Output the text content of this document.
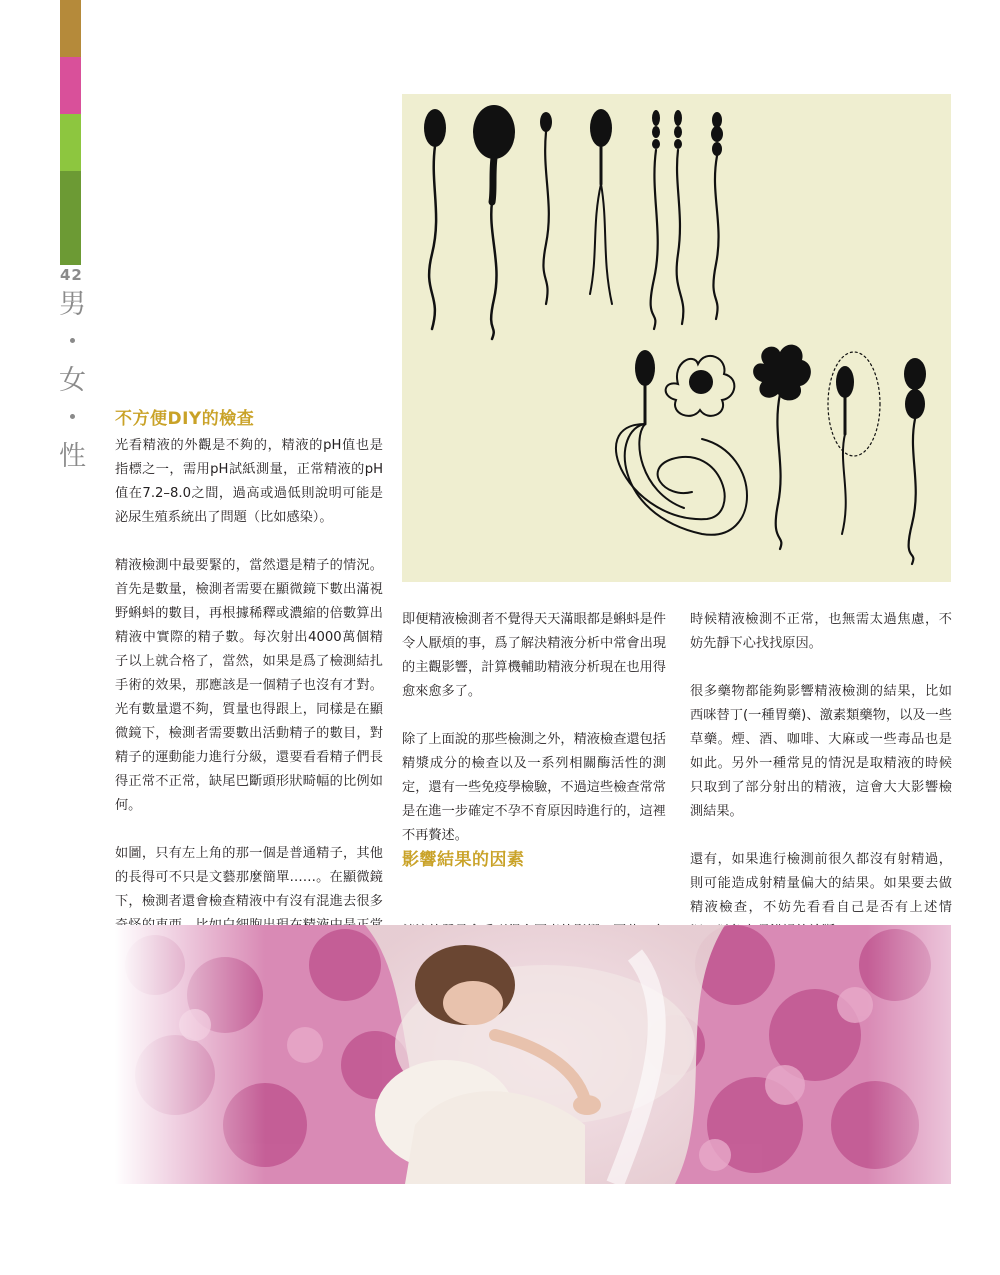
42
男
・
女
・
性
不方便DIY的檢查
影響結果的因素

光看精液的外觀是不夠的，精液的pH值也是指標之一，需用pH試紙測量，正常精液的pH值在7.2–8.0之間，過高或過低則說明可能是泌尿生殖系統出了問題（比如感染）。

精液檢測中最要緊的，當然還是精子的情況。首先是數量，檢測者需要在顯微鏡下數出滿視野蝌蚪的數目，再根據稀釋或濃縮的倍數算出精液中實際的精子數。每次射出4000萬個精子以上就合格了，當然，如果是爲了檢測結扎手術的效果，那應該是一個精子也沒有才對。光有數量還不夠，質量也得跟上，同樣是在顯微鏡下，檢測者需要數出活動精子的數目，對精子的運動能力進行分級，還要看看精子們長得正常不正常，缺尾巴斷頭形狀畸幅的比例如何。

如圖，只有左上角的那一個是普通精子，其他的長得可不只是文藝那麼簡單……。在顯微鏡下，檢測者還會檢查精液中有沒有混進去很多

即便精液檢測者不覺得天天滿眼都是蝌蚪是件令人厭煩的事，爲了解決精液分析中常會出現的主觀影響，計算機輔助精液分析現在也用得愈來愈多了。

除了上面說的那些檢測之外，精液檢查還包括精漿成分的檢查以及一系列相關酶活性的測定，還有一些免疫學檢驗，不過這些檢查常常是在進一步確定不孕不育原因時進行的，這裡不再贅述。

時候精液檢測不正常，也無需太過焦慮，不妨先靜下心找找原因。

很多藥物都能夠影響精液檢測的結果，比如西咪替丁(一種胃藥)、激素類藥物，以及一些草藥。煙、酒、咖啡、大麻或一些毒品也是如此。另外一種常見的情況是取精液的時候只取到了部分射出的精液，這會大大影響檢測結果。

還有，如果進行檢測前很久都沒有射精過，則可能造成射精量偏大的結果。如果要去做精液檢查，不妨先看看自己是否有上述情
